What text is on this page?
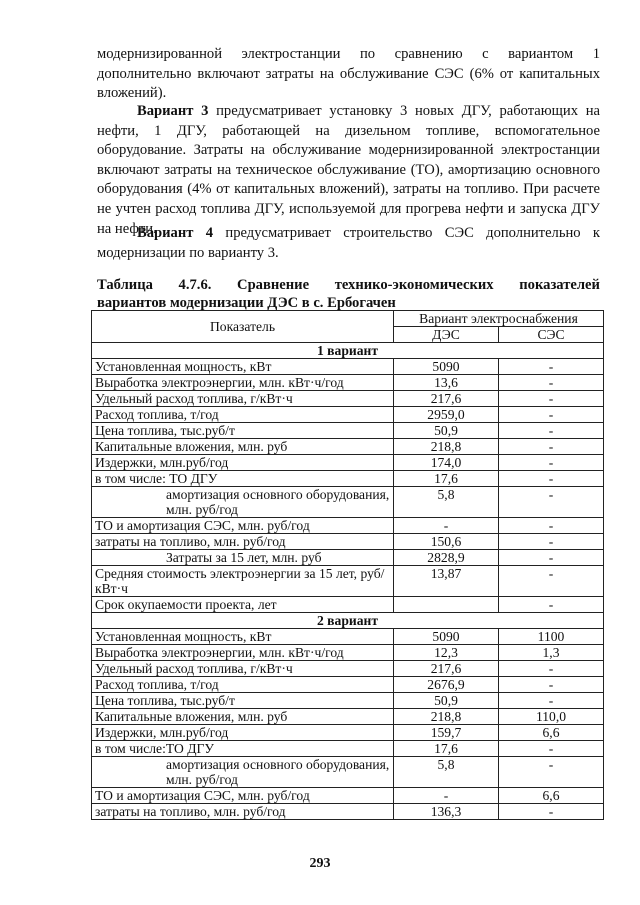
модернизированной электростанции по сравнению с вариантом 1 дополнительно включают затраты на обслуживание СЭС (6% от капитальных вложений).

Вариант 3 предусматривает установку 3 новых ДГУ, работающих на нефти, 1 ДГУ, работающей на дизельном топливе, вспомогательное оборудование. Затраты на обслуживание модернизированной электростанции включают затраты на техническое обслуживание (ТО), амортизацию основного оборудования (4% от капитальных вложений), затраты на топливо. При расчете не учтен расход топлива ДГУ, используемой для прогрева нефти и запуска ДГУ на нефти.

Вариант 4 предусматривает строительство СЭС дополнительно к модернизации по варианту 3.

Таблица 4.7.6. Сравнение технико-экономических показателей
вариантов модернизации ДЭС в с. Ербогачен
Показатель	Вариант электроснабжения	
	ДЭС	СЭС
1 вариант		
Установленная мощность, кВт	5090	-
Выработка электроэнергии, млн. кВт·ч/год	13,6	-
Удельный расход топлива, г/кВт·ч	217,6	-
Расход топлива, т/год	2959,0	-
Цена топлива, тыс.руб/т	50,9	-
Капитальные вложения, млн. руб	218,8	-
Издержки, млн.руб/год	174,0	-
в том числе: ТО ДГУ	17,6	-
амортизация основного оборудования, млн. руб/год	5,8	-
ТО и амортизация СЭС, млн. руб/год	-	-
затраты на топливо, млн. руб/год	150,6	-
Затраты за 15 лет, млн. руб	2828,9	-
Средняя стоимость электроэнергии за 15 лет, руб/кВт·ч	13,87	-
Срок окупаемости проекта, лет		-
2 вариант		
Установленная мощность, кВт	5090	1100
Выработка электроэнергии, млн. кВт·ч/год	12,3	1,3
Удельный расход топлива, г/кВт·ч	217,6	-
Расход топлива, т/год	2676,9	-
Цена топлива, тыс.руб/т	50,9	-
Капитальные вложения, млн. руб	218,8	110,0
Издержки, млн.руб/год	159,7	6,6
в том числе:ТО ДГУ	17,6	-
амортизация основного оборудования, млн. руб/год	5,8	-
ТО и амортизация СЭС, млн. руб/год	-	6,6
затраты на топливо, млн. руб/год	136,3	-
293
